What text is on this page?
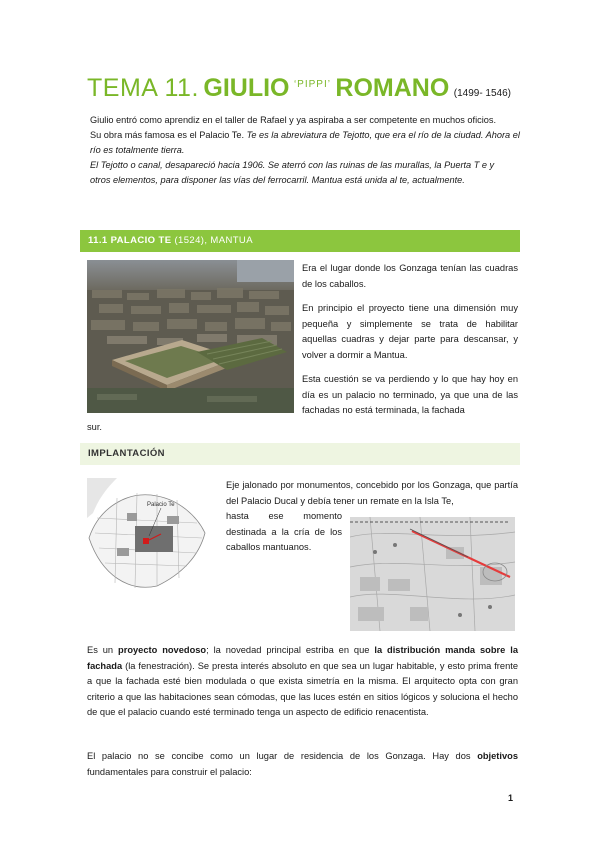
TEMA 11. GIULIO $^{‘PIPPI’}$ ROMANO (1499- 1546)

Giulio entró como aprendiz en el taller de Rafael y ya aspiraba a ser competente en muchos oficios.

Su obra más famosa es el Palacio Te. Te es la abreviatura de Tejotto, que era el río de la ciudad. Ahora el río es totalmente tierra.

El Tejotto o canal, desapareció hacia 1906. Se aterró con las ruinas de las murallas, la Puerta T e y

otros elementos, para disponer las vías del ferrocarril. Mantua está unida al te, actualmente.

11.1 PALACIO TE (1524), MANTUA

Era el lugar donde los Gonzaga tenían las cuadras de los caballos.

En principio el proyecto tiene una dimensión muy pequeña y simplemente se trata de habilitar aquellas cuadras y dejar parte para descansar, y volver a dormir a Mantua.

Esta cuestión se va perdiendo y lo que hay hoy en día es un palacio no terminado, ya que una de las fachadas no está terminada, la fachada

sur.
IMPLANTACIÓN
Palacio Te
Eje jalonado por monumentos, concebido por los Gonzaga, que partía del Palacio Ducal y debía tener un remate en la Isla Te,
hasta ese momento destinada a la cría de los caballos mantuanos.
Es un proyecto novedoso; la novedad principal estriba en que la distribución manda sobre la fachada (la fenestración). Se presta interés absoluto en que sea un lugar habitable, y esto prima frente a que la fachada esté bien modulada o que exista simetría en la misma. El arquitecto opta con gran criterio a que las habitaciones sean cómodas, que las luces estén en sitios lógicos y soluciona el hecho de que el palacio cuando esté terminado tenga un aspecto de edificio renacentista.
El palacio no se concibe como un lugar de residencia de los Gonzaga. Hay dos objetivos fundamentales para construir el palacio:
1
